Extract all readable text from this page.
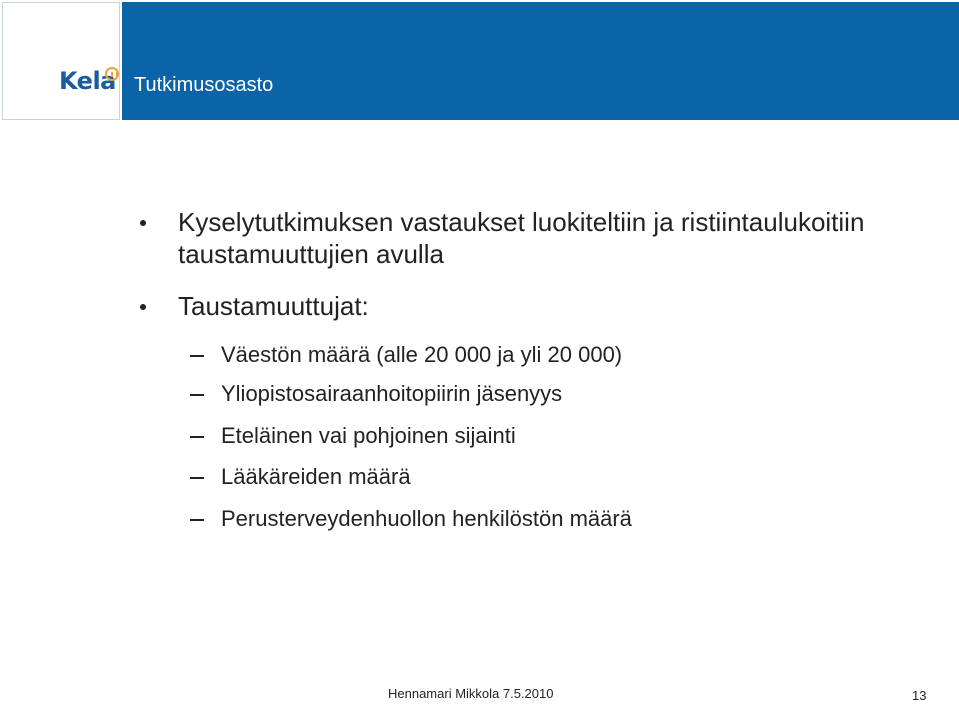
Kela Tutkimusosasto
Kyselytutkimuksen vastaukset luokiteltiin ja ristiintaulukoitiin taustamuuttujien avulla
Taustamuuttujat:
Väestön määrä (alle 20 000 ja yli 20 000)
Yliopistosairaanhoitopiirin jäsenyys
Eteläinen vai pohjoinen sijainti
Lääkäreiden määrä
Perusterveydenhuollon henkilöstön määrä
Hennamari Mikkola 7.5.2010	13
